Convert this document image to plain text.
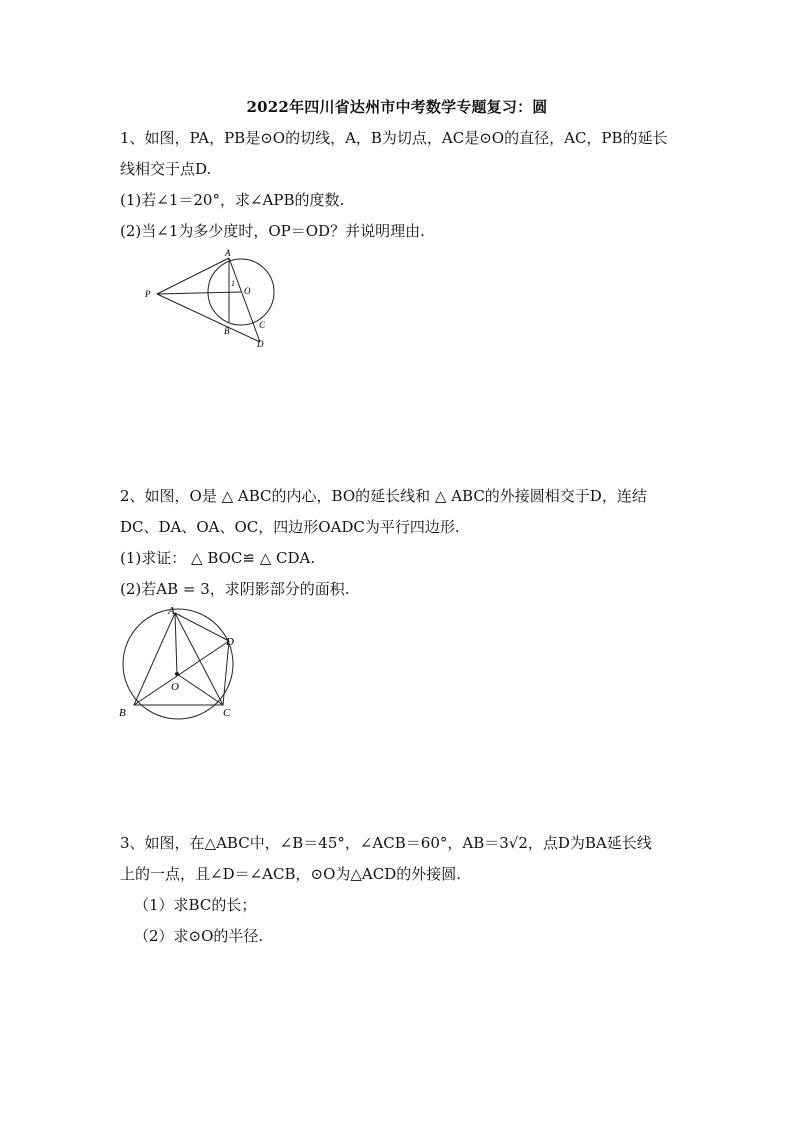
2022年四川省达州市中考数学专题复习：圆
1、如图，PA，PB是⊙O的切线，A，B为切点，AC是⊙O的直径，AC，PB的延长
线相交于点D.
(1)若∠1＝20°，求∠APB的度数.
(2)当∠1为多少度时，OP＝OD？并说明理由.
A
P
1
O
B
C
D
2、如图，O是 △ ABC的内心，BO的延长线和 △ ABC的外接圆相交于D，连结
DC、DA、OA、OC，四边形OADC为平行四边形.
(1)求证： △ BOC≌ △ CDA.
(2)若AB = 3，求阴影部分的面积.
A
D
O
B	C
3、如图，在△ABC中，∠B＝45°，∠ACB＝60°，AB＝3√2，点D为BA延长线
上的一点，且∠D＝∠ACB，⊙O为△ACD的外接圆.
（1）求BC的长；
（2）求⊙O的半径.
